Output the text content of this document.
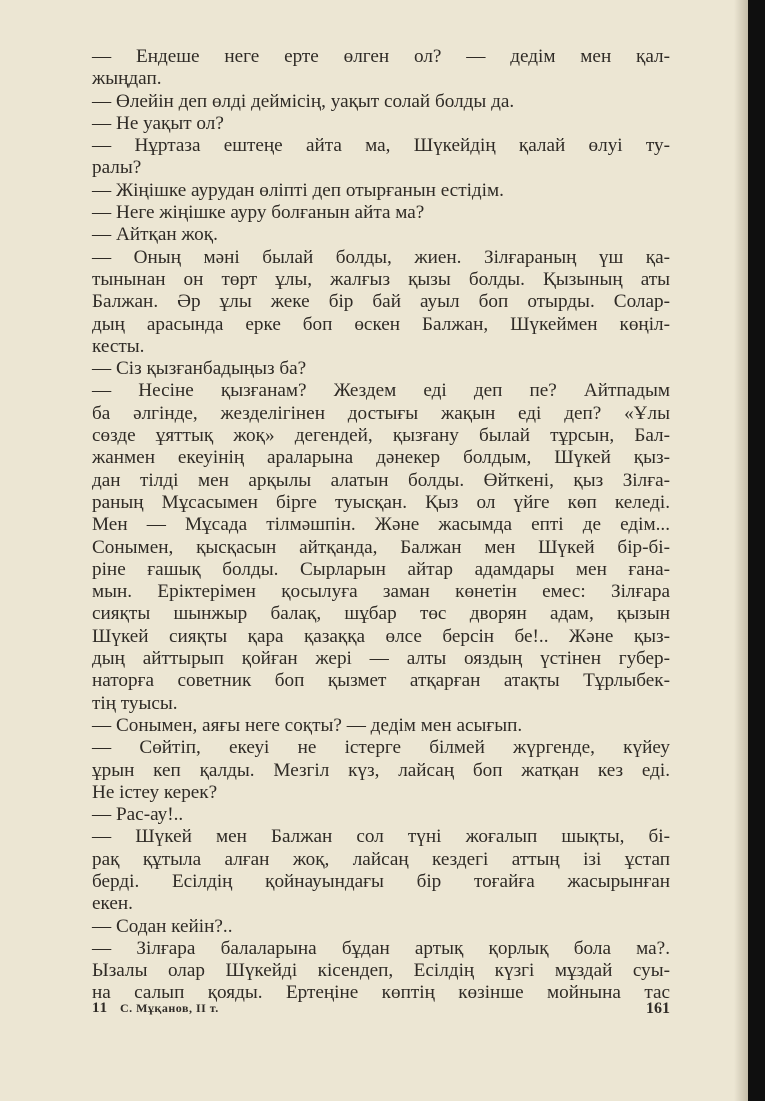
— Ендеше неге ерте өлген ол? — дедім мен қал-
жыңдап.
— Өлейін деп өлді дейміcің, уақыт солай болды да.
— Не уақыт ол?
— Нұртаза ештеңе айта ма, Шүкейдің қалай өлуі ту-
ралы?
— Жіңішке аурудан өліпті деп отырғанын естідім.
— Неге жіңішке ауру болғанын айта ма?
— Айтқан жоқ.
— Оның мәні былай болды, жиен. Зілғараның үш қа-
тынынан он төрт ұлы, жалғыз қызы болды. Қызының аты
Балжан. Әр ұлы жеке бір бай ауыл боп отырды. Солар-
дың арасында ерке боп өскен Балжан, Шүкеймен көңіл-
кесты.
— Сіз қызғанбадыңыз ба?
— Несіне қызғанам? Жездем еді деп пе? Айтпадым
ба әлгінде, жезделігінен достығы жақын еді деп? «Ұлы
сөзде ұяттық жоқ» дегендей, қызғану былай тұрсын, Бал-
жанмен екеуінің араларына дәнекер болдым, Шүкей қыз-
дан тілді мен арқылы алатын болды. Өйткені, қыз Зілға-
раның Мұсасымен бірге туысқан. Қыз ол үйге көп келеді.
Мен — Мұсада тілмәшпін. Және жасымда епті де едім...
Сонымен, қысқасын айтқанда, Балжан мен Шүкей бір-бі-
ріне ғашық болды. Сырларын айтар адамдары мен ғана-
мын. Еріктерімен қосылуға заман көнетін емес: Зілғара
сияқты шынжыр балақ, шұбар төс дворян адам, қызын
Шүкей сияқты қара қазаққа өлсе берсін бе!.. Және қыз-
дың айттырып қойған жері — алты ояздың үстінен губер-
наторға советник боп қызмет атқарған атақты Тұрлыбек-
тің туысы.
— Сонымен, аяғы неге соқты? — дедім мен асығып.
— Сөйтіп, екеуі не істерге білмей жүргенде, күйеу
ұрын кеп қалды. Мезгіл күз, лайсаң боп жатқан кез еді.
Не істеу керек?
— Рас-ау!..
— Шүкей мен Балжан сол түні жоғалып шықты, бі-
рақ құтыла алған жоқ, лайсаң кездегі аттың ізі ұстап
берді. Есілдің қойнауындағы бір тоғайға жасырынған
екен.
— Содан кейін?..
— Зілғара балаларына бұдан артық қорлық бола ма?.
Ызалы олар Шүкейді кісендеп, Есілдің күзгі мұздай суы-
на салып қояды. Ертеңіне көптің көзінше мойнына тас
11 С. Мұқанов, II т.	161
